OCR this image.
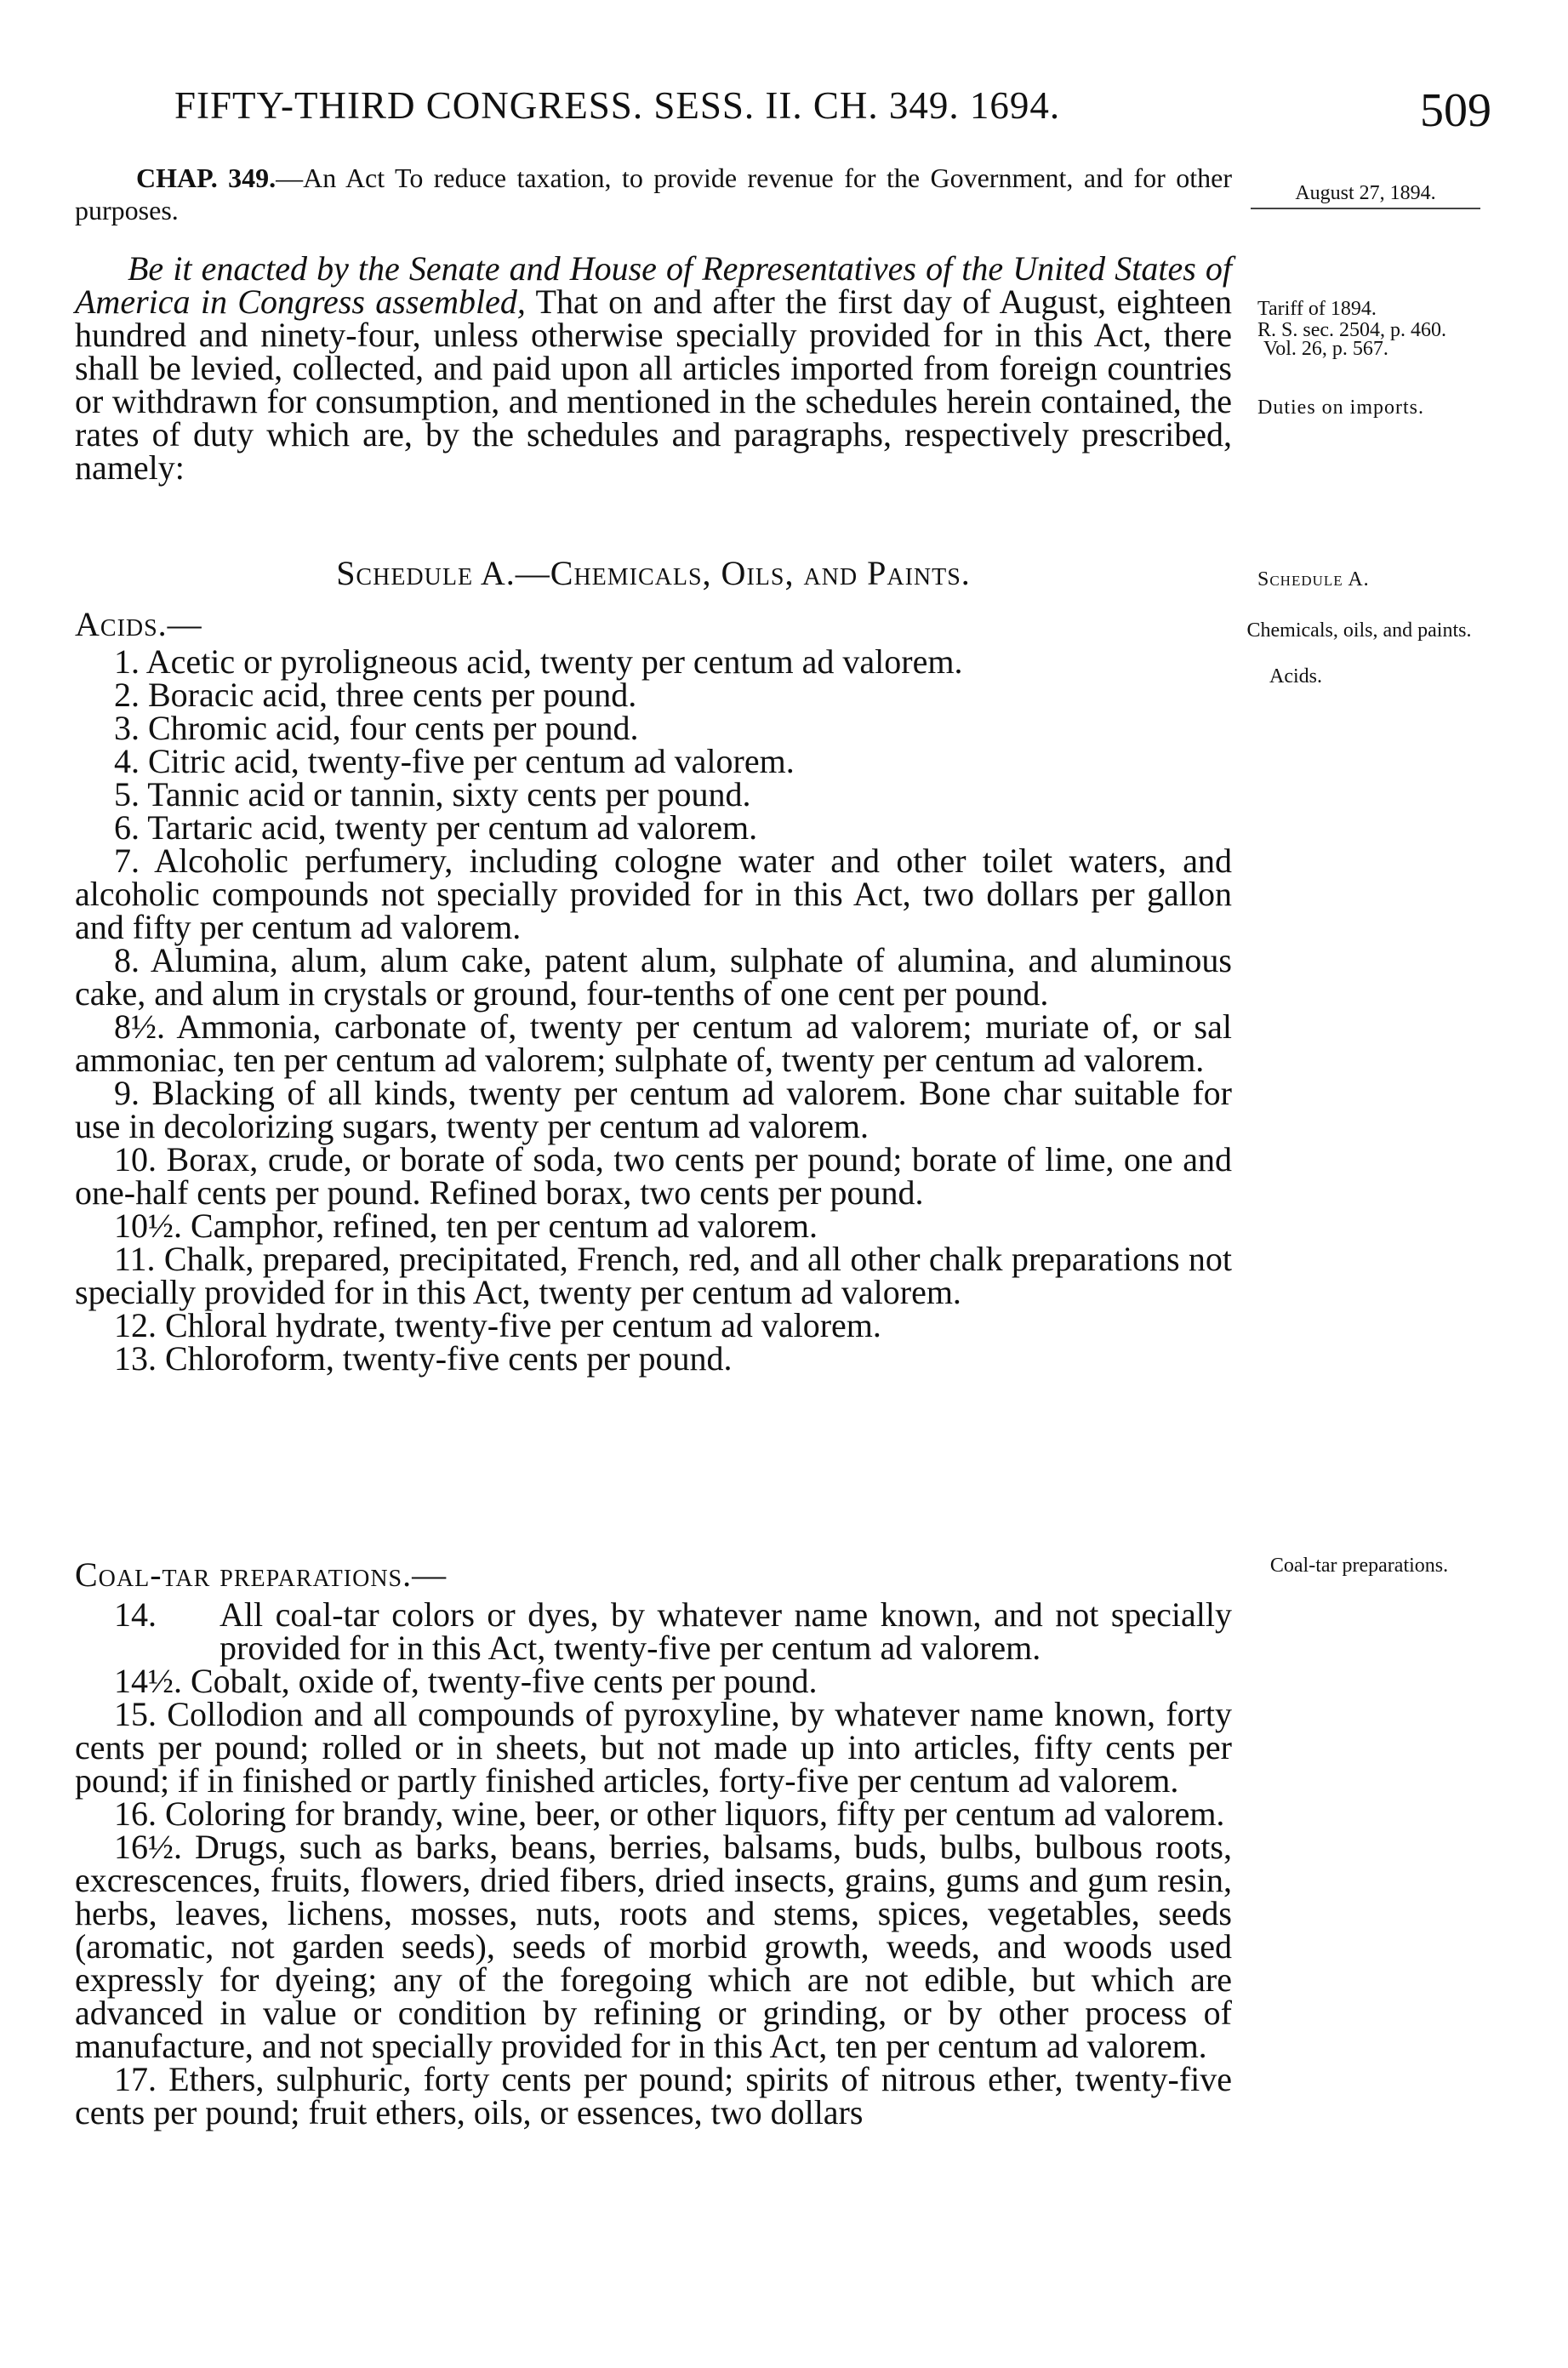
FIFTY-THIRD CONGRESS. SESS. II. CH. 349. 1694.	509
CHAP. 349.—An Act To reduce taxation, to provide revenue for the Government, and for other purposes.
August 27, 1894.
Be it enacted by the Senate and House of Representatives of the United States of America in Congress assembled, That on and after the first day of August, eighteen hundred and ninety-four, unless otherwise specially provided for in this Act, there shall be levied, collected, and paid upon all articles imported from foreign countries or withdrawn for consumption, and mentioned in the schedules herein contained, the rates of duty which are, by the schedules and paragraphs, respectively prescribed, namely:
Tariff of 1894.
R. S. sec. 2504, p. 460.
Vol. 26, p. 567.
Duties on imports.
Schedule A.—Chemicals, Oils, and Paints.	Schedule A.
Acids.—	Chemicals, oils, and paints.
Acids.

1. Acetic or pyroligneous acid, twenty per centum ad valorem.

2. Boracic acid, three cents per pound.

3. Chromic acid, four cents per pound.

4. Citric acid, twenty-five per centum ad valorem.

5. Tannic acid or tannin, sixty cents per pound.

6. Tartaric acid, twenty per centum ad valorem.

7. Alcoholic perfumery, including cologne water and other toilet waters, and alcoholic compounds not specially provided for in this Act, two dollars per gallon and fifty per centum ad valorem.

8. Alumina, alum, alum cake, patent alum, sulphate of alumina, and aluminous cake, and alum in crystals or ground, four-tenths of one cent per pound.

8½. Ammonia, carbonate of, twenty per centum ad valorem; muriate of, or sal ammoniac, ten per centum ad valorem; sulphate of, twenty per centum ad valorem.

9. Blacking of all kinds, twenty per centum ad valorem. Bone char suitable for use in decolorizing sugars, twenty per centum ad valorem.

10. Borax, crude, or borate of soda, two cents per pound; borate of lime, one and one-half cents per pound. Refined borax, two cents per pound.

10½. Camphor, refined, ten per centum ad valorem.

11. Chalk, prepared, precipitated, French, red, and all other chalk preparations not specially provided for in this Act, twenty per centum ad valorem.

12. Chloral hydrate, twenty-five per centum ad valorem.

13. Chloroform, twenty-five cents per pound.

Coal-tar preparations.—	Coal-tar preparations.

14. All coal-tar colors or dyes, by whatever name known, and not specially provided for in this Act, twenty-five per centum ad valorem.

14½. Cobalt, oxide of, twenty-five cents per pound.

15. Collodion and all compounds of pyroxyline, by whatever name known, forty cents per pound; rolled or in sheets, but not made up into articles, fifty cents per pound; if in finished or partly finished articles, forty-five per centum ad valorem.

16. Coloring for brandy, wine, beer, or other liquors, fifty per centum ad valorem.

16½. Drugs, such as barks, beans, berries, balsams, buds, bulbs, bulbous roots, excrescences, fruits, flowers, dried fibers, dried insects, grains, gums and gum resin, herbs, leaves, lichens, mosses, nuts, roots and stems, spices, vegetables, seeds (aromatic, not garden seeds), seeds of morbid growth, weeds, and woods used expressly for dyeing; any of the foregoing which are not edible, but which are advanced in value or condition by refining or grinding, or by other process of manufacture, and not specially provided for in this Act, ten per centum ad valorem.

17. Ethers, sulphuric, forty cents per pound; spirits of nitrous ether, twenty-five cents per pound; fruit ethers, oils, or essences, two dollars
